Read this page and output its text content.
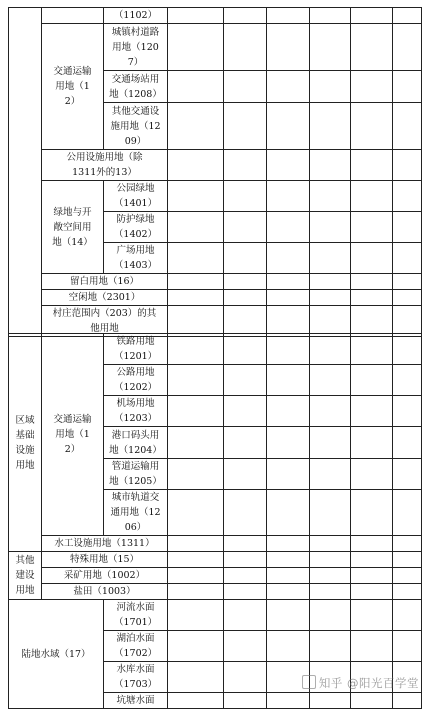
		（1102）						
	交通运输用地（12）	城镇村道路用地（1207）						
		交通场站用地（1208）						
		其他交通设施用地（1209）						
	公用设施用地（除1311外的13）							
	绿地与开敞空间用地（14）	公园绿地（1401）						
		防护绿地（1402）						
		广场用地（1403）						
	留白用地（16）							
	空闲地（2301）							
	村庄范围内（203）的其他用地							
区域基础设施用地	交通运输用地（12）	铁路用地（1201）						
		公路用地（1202）						
		机场用地（1203）						
		港口码头用地（1204）						
		管道运输用地（1205）						
		城市轨道交通用地（1206）						
	水工设施用地（1311）							
其他建设用地	特殊用地（15）							
	采矿用地（1002）							
	盐田（1003）							
陆地水域（17）		河流水面（1701）						
		湖泊水面（1702）						
		水库水面（1703）						
		坑塘水面						
知乎 @阳光百学堂
